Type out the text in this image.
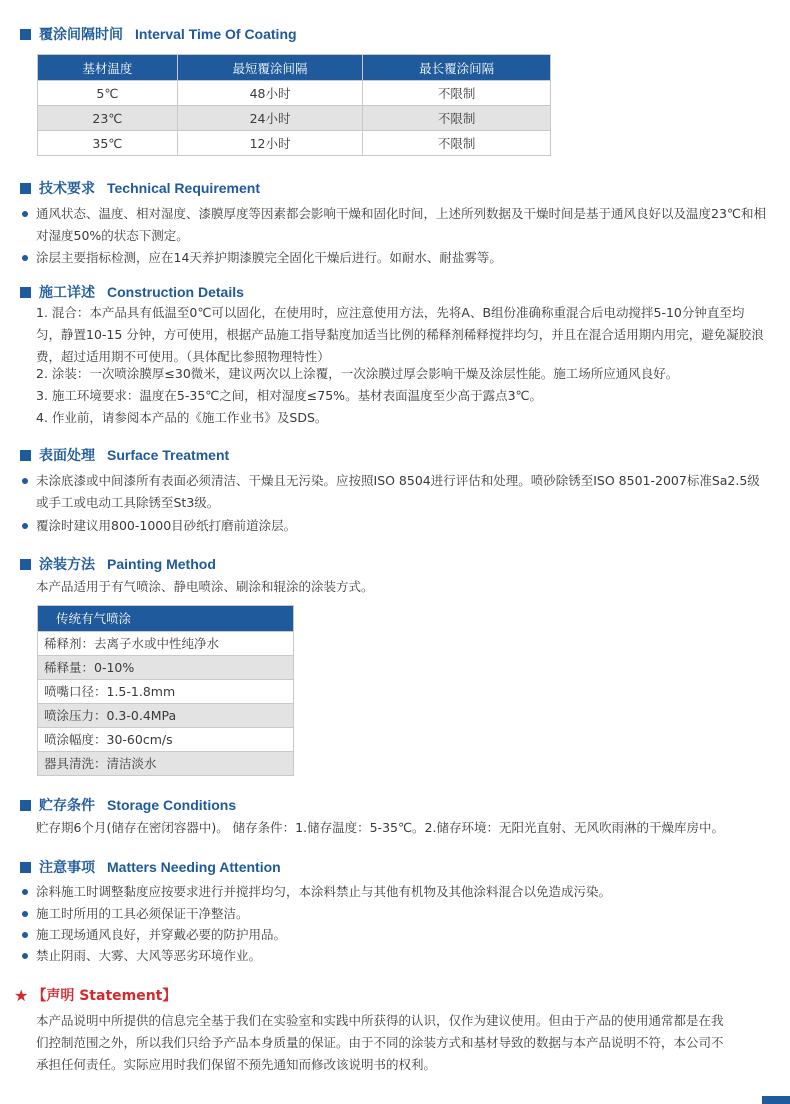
覆涂间隔时间 Interval Time Of Coating
基材温度	最短覆涂间隔	最长覆涂间隔
5℃	48小时	不限制
23℃	24小时	不限制
35℃	12小时	不限制
技术要求 Technical Requirement
通风状态、温度、相对湿度、漆膜厚度等因素都会影响干燥和固化时间，上述所列数据及干燥时间是基于通风良好以及温度23℃和相对湿度50%的状态下测定。
涂层主要指标检测，应在14天养护期漆膜完全固化干燥后进行。如耐水、耐盐雾等。
施工详述 Construction Details
1. 混合：本产品具有低温至0℃可以固化，在使用时，应注意使用方法，先将A、B组份准确称重混合后电动搅拌5-10分钟直至均匀，静置10-15 分钟，方可使用，根据产品施工指导黏度加适当比例的稀释剂稀释搅拌均匀，并且在混合适用期内用完，避免凝胶浪费，超过适用期不可使用。（具体配比参照物理特性）
2. 涂装：一次喷涂膜厚≤30微米，建议两次以上涂覆，一次涂膜过厚会影响干燥及涂层性能。施工场所应通风良好。
3. 施工环境要求：温度在5-35℃之间，相对湿度≤75%。基材表面温度至少高于露点3℃。
4. 作业前，请参阅本产品的《施工作业书》及SDS。
表面处理 Surface Treatment
未涂底漆或中间漆所有表面必须清洁、干燥且无污染。应按照ISO 8504进行评估和处理。喷砂除锈至ISO 8501-2007标准Sa2.5级或手工或电动工具除锈至St3级。
覆涂时建议用800-1000目砂纸打磨前道涂层。
涂装方法 Painting Method
本产品适用于有气喷涂、静电喷涂、刷涂和辊涂的涂装方式。
传统有气喷涂
稀释剂：去离子水或中性纯净水
稀释量：0-10%
喷嘴口径：1.5-1.8mm
喷涂压力：0.3-0.4MPa
喷涂幅度：30-60cm/s
器具清洗：清洁淡水
贮存条件 Storage Conditions
贮存期6个月(储存在密闭容器中)。 储存条件：1.储存温度：5-35℃。2.储存环境：无阳光直射、无风吹雨淋的干燥库房中。
注意事项 Matters Needing Attention
涂料施工时调整黏度应按要求进行并搅拌均匀，本涂料禁止与其他有机物及其他涂料混合以免造成污染。
施工时所用的工具必须保证干净整洁。
施工现场通风良好，并穿戴必要的防护用品。
禁止阴雨、大雾、大风等恶劣环境作业。
★ 【声明 Statement】
本产品说明中所提供的信息完全基于我们在实验室和实践中所获得的认识，仅作为建议使用。但由于产品的使用通常都是在我
们控制范围之外，所以我们只给予产品本身质量的保证。由于不同的涂装方式和基材导致的数据与本产品说明不符，本公司不
承担任何责任。实际应用时我们保留不预先通知而修改该说明书的权利。
